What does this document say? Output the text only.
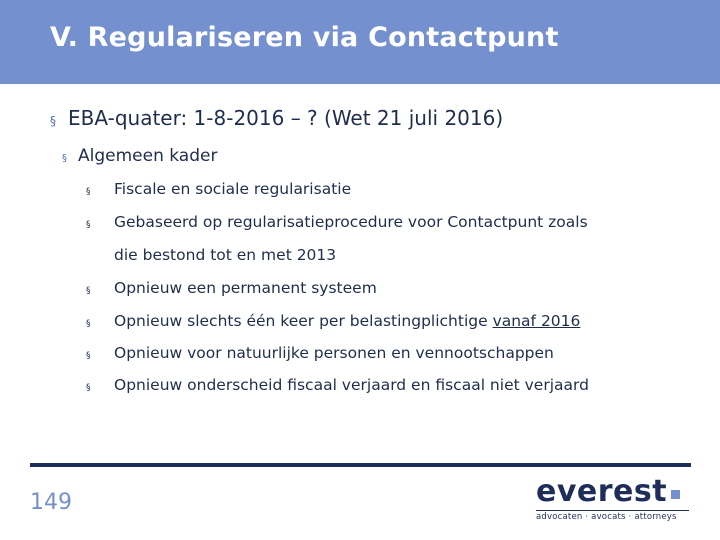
V. Regulariseren via Contactpunt
§ EBA-quater: 1-8-2016 – ? (Wet 21 juli 2016)
§ Algemeen kader
§	Fiscale en sociale regularisatie
§	Gebaseerd op regularisatieprocedure voor Contactpunt zoals
die bestond tot en met 2013
§	Opnieuw een permanent systeem
§	Opnieuw slechts één keer per belastingplichtige vanaf 2016
§	Opnieuw voor natuurlijke personen en vennootschappen
§	Opnieuw onderscheid fiscaal verjaard en fiscaal niet verjaard
149	everest
advocaten · avocats · attorneys
